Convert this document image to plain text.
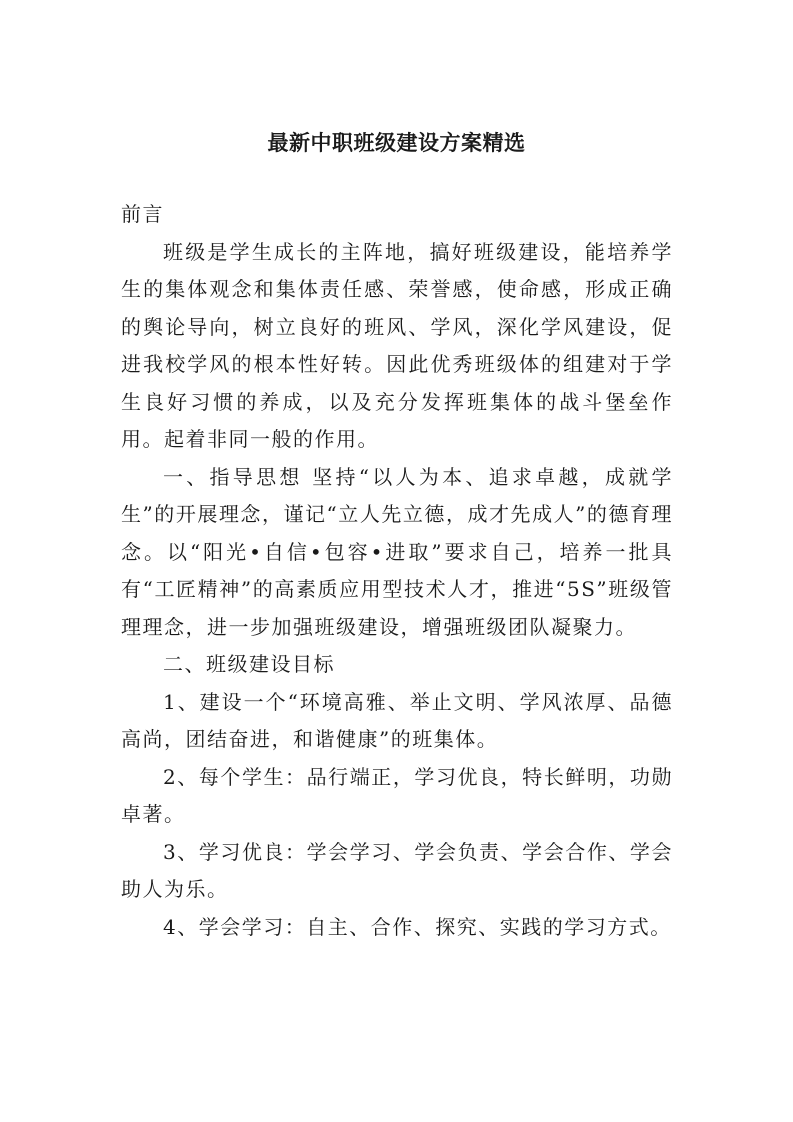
最新中职班级建设方案精选

前言

班级是学生成长的主阵地，搞好班级建设，能培养学生的集体观念和集体责任感、荣誉感，使命感，形成正确的舆论导向，树立良好的班风、学风，深化学风建设，促进我校学风的根本性好转。因此优秀班级体的组建对于学生良好习惯的养成，以及充分发挥班集体的战斗堡垒作用。起着非同一般的作用。

一、指导思想 坚持“以人为本、追求卓越，成就学生”的开展理念，谨记“立人先立德，成才先成人”的德育理念。以“阳光•自信•包容•进取”要求自己，培养一批具有“工匠精神”的高素质应用型技术人才，推进“5S”班级管理理念，进一步加强班级建设，增强班级团队凝聚力。

二、班级建设目标

1、建设一个“环境高雅、举止文明、学风浓厚、品德高尚，团结奋进，和谐健康”的班集体。

2、每个学生：品行端正，学习优良，特长鲜明，功勋卓著。

3、学习优良：学会学习、学会负责、学会合作、学会助人为乐。

4、学会学习：自主、合作、探究、实践的学习方式。
